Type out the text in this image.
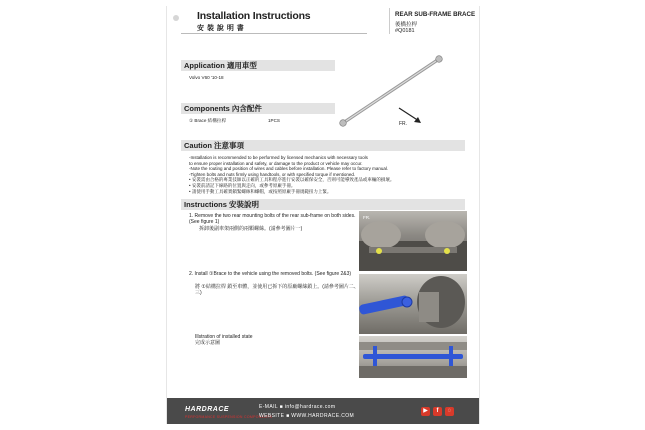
Installation Instructions
安 裝 說 明 書
REAR SUB-FRAME BRACE
後橋拉桿
#Q0181
Application 適用車型
Volvo V60 '10-18
FR.
Components 內含配件
① Brace 結構拉桿	1PCS
Caution 注意事項
-Installation is recommended to be performed by licensed mechanics with necessary tools
to ensure proper installation and safety, or damage to the product or vehicle may occur.
-Note the routing and position of wires and cables before installation. Please refer to factory manual.
-Tighten bolts and nuts firmly using handtools, or with specified torque if mentioned.
• 安裝需由合格的專業技師以正確的工具和程序進行安裝以確保安全，否則可能導致產品或車輛的損壞。
• 安裝前請記下線路的位置與走向，或參考原廠手冊。
• 請使用手動工具確實鎖緊螺絲和螺帽，或按照原廠手冊規範扭力上緊。
Instructions 安裝說明
1. Remove the two rear mounting bolts of the rear sub-frame on both sides. (See figure 1)
拆卸後副車架兩側的兩顆螺絲。(請參考圖片一)
2. Install ①Brace to the vehicle using the removed bolts. (See figure 2&3)
將 ①結構拉桿 鎖至車體，並使用已拆下的原廠螺絲鎖上。(請參考圖片二、三)
Illstration of installed state
完成示意圖
FR.
HARDRACE
PERFORMANCE SUSPENSION COMPONENTS
E-MAIL ■ info@hardrace.com
WEBSITE ■ WWW.HARDRACE.COM
▶	f	◌
